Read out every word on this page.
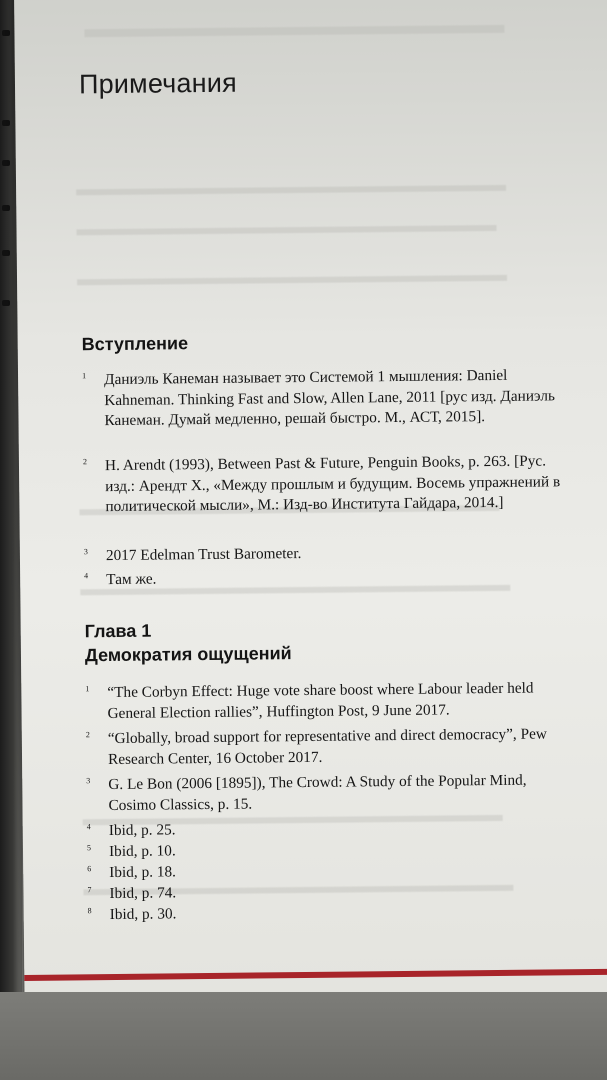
Примечания
Вступление
1 Даниэль Канеман называет это Системой 1 мышления: Daniel Kahneman. Thinking Fast and Slow, Allen Lane, 2011 [рус изд. Даниэль Канеман. Думай медленно, решай быстро. М., АСТ, 2015].
2 H. Arendt (1993), Between Past & Future, Penguin Books, p. 263. [Рус. изд.: Арендт Х., «Между прошлым и будущим. Восемь упражнений в политической мысли», М.: Изд-во Института Гайдара, 2014.]
3 2017 Edelman Trust Barometer.
4 Там же.
Глава 1
Демократия ощущений
1 “The Corbyn Effect: Huge vote share boost where Labour leader held General Election rallies”, Huffington Post, 9 June 2017.
2 “Globally, broad support for representative and direct democracy”, Pew Research Center, 16 October 2017.
3 G. Le Bon (2006 [1895]), The Crowd: A Study of the Popular Mind, Cosimo Classics, p. 15.
4 Ibid, p. 25.
5 Ibid, p. 10.
6 Ibid, p. 18.
7 Ibid, p. 74.
8 Ibid, p. 30.
